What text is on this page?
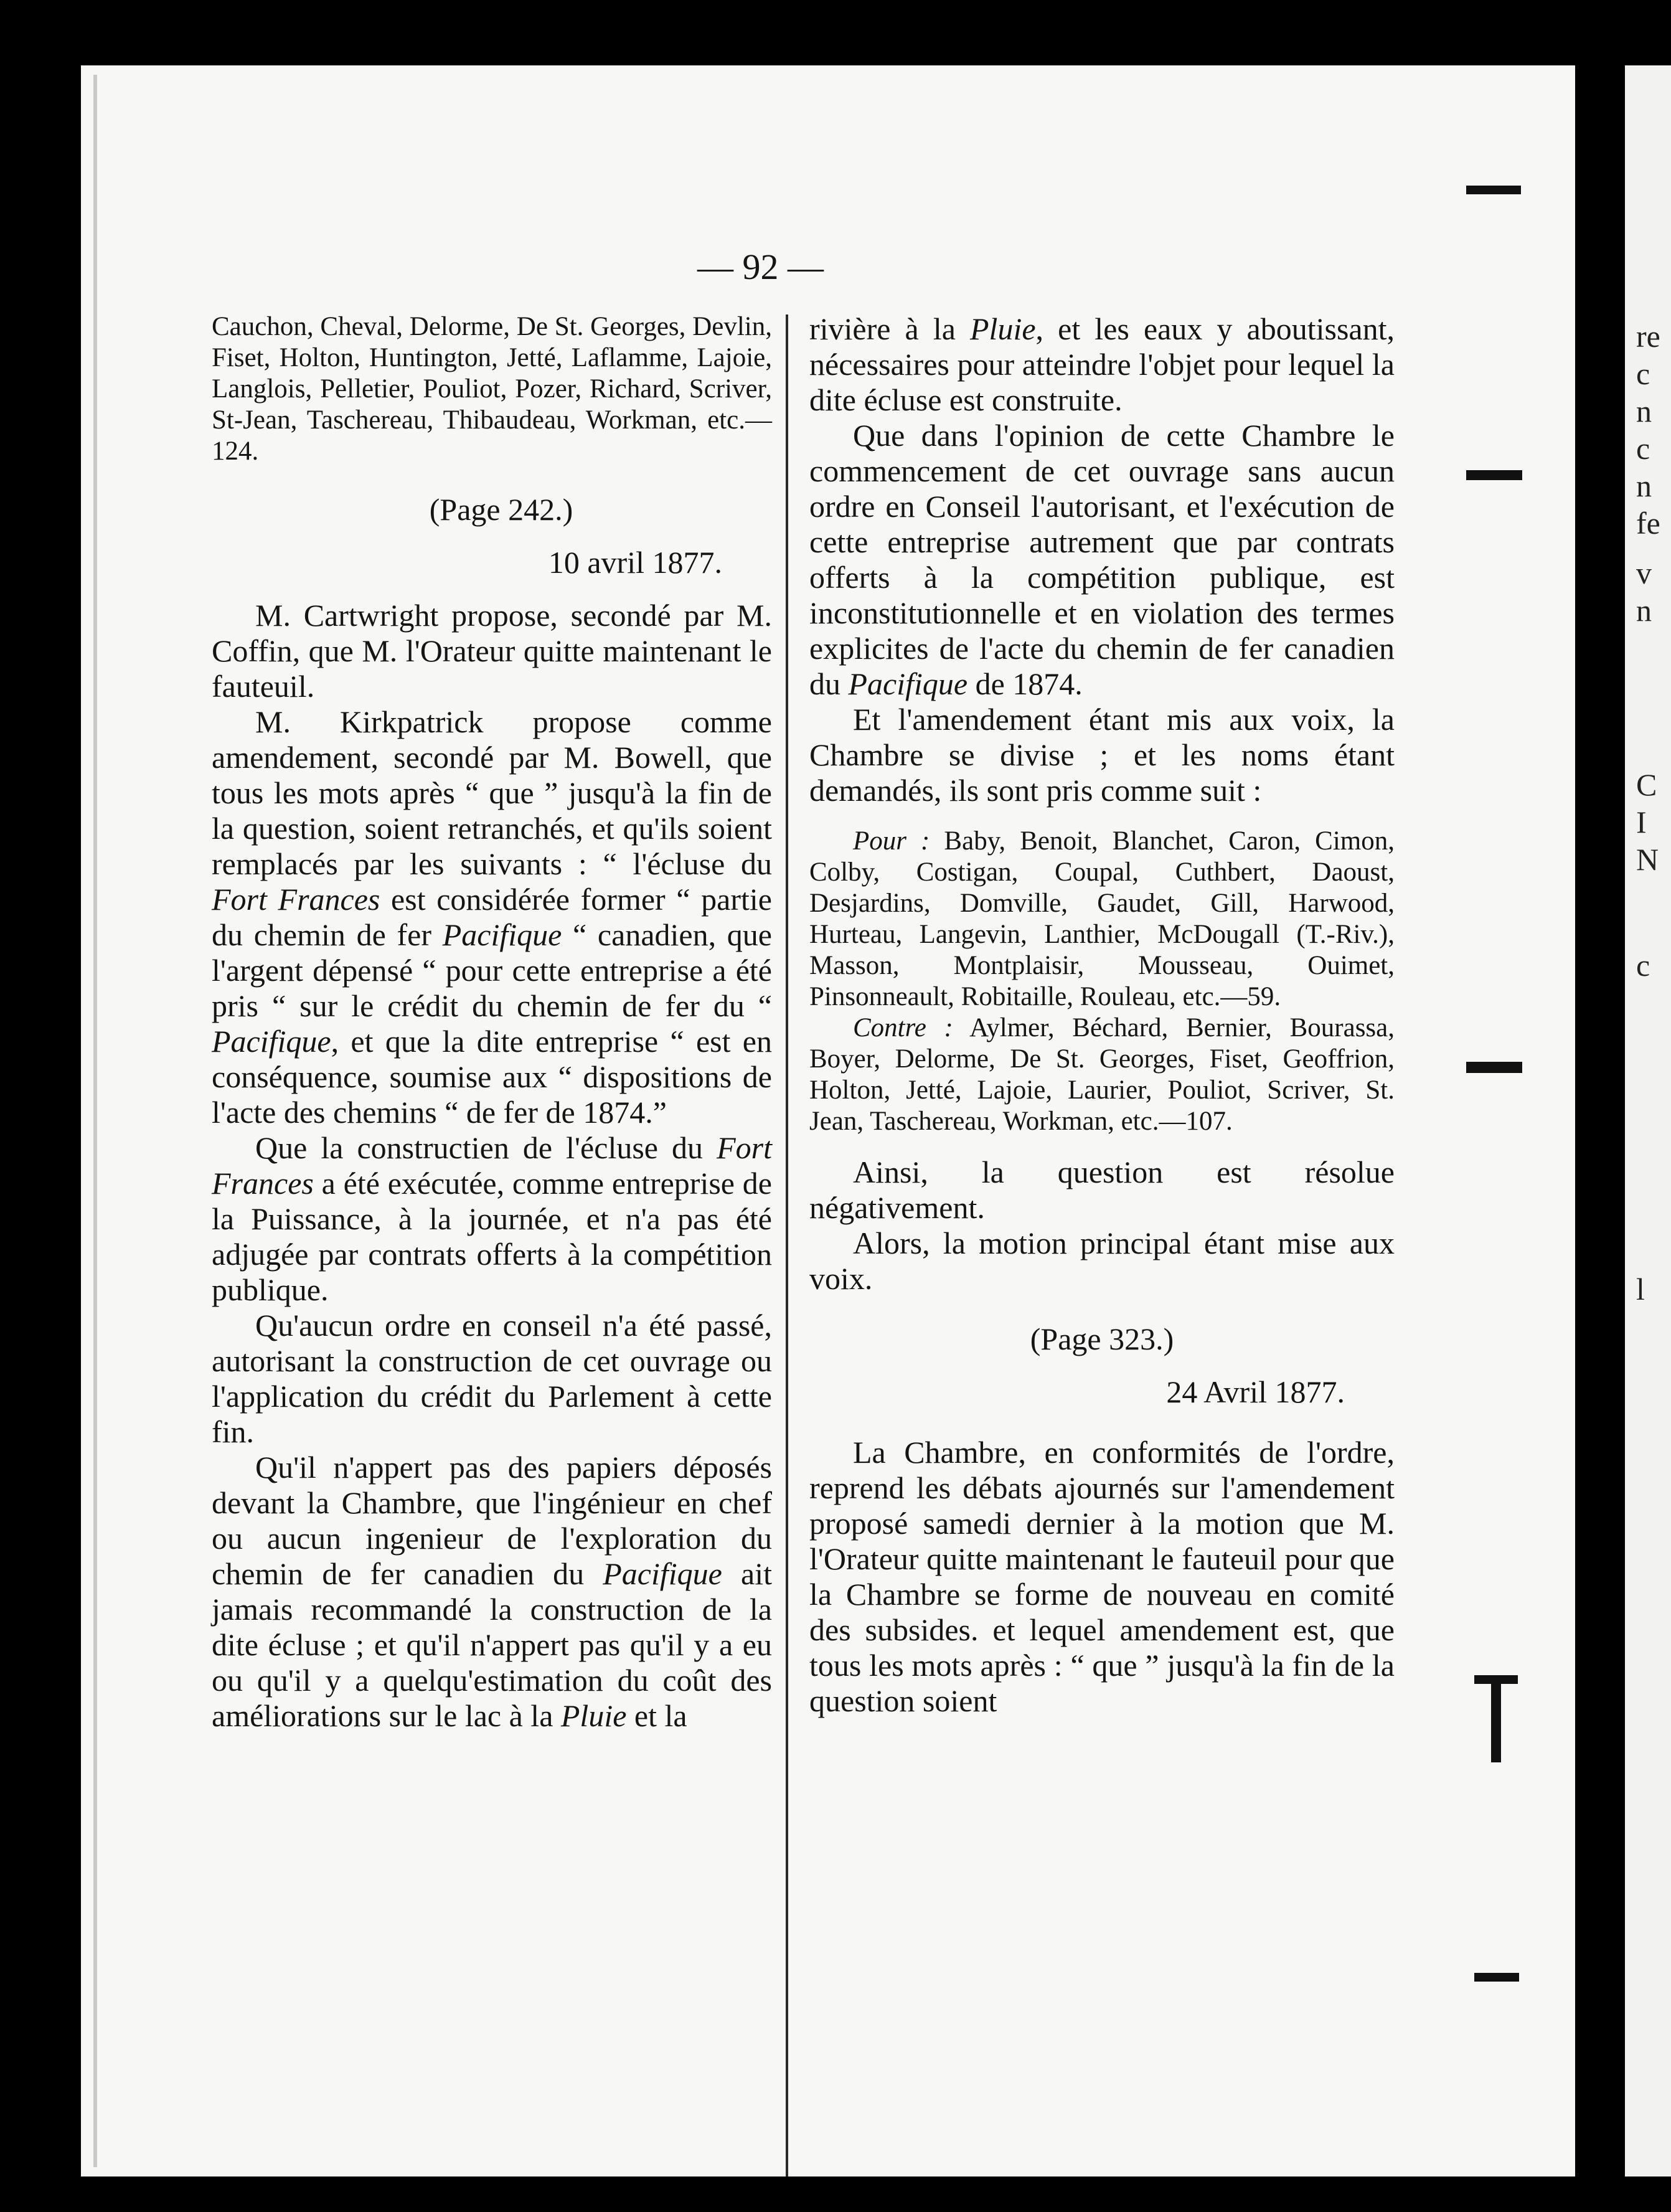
re
c
n
c
n
fe
v
n
C
I
N
c
l
— 92 —

Cauchon, Cheval, Delorme, De St. Georges, Devlin, Fiset, Holton, Huntington, Jetté, Laflamme, Lajoie, Langlois, Pelletier, Pouliot, Pozer, Richard, Scriver, St-Jean, Taschereau, Thibaudeau, Workman, etc.—124.

(Page 242.)

10 avril 1877.

M. Cartwright propose, secondé par M. Coffin, que M. l'Orateur quitte maintenant le fauteuil.

M. Kirkpatrick propose comme amendement, secondé par M. Bowell, que tous les mots après “ que ” jusqu'à la fin de la question, soient retranchés, et qu'ils soient remplacés par les suivants : “ l'écluse du Fort Frances est considérée former “ partie du chemin de fer Pacifique “ canadien, que l'argent dépensé “ pour cette entreprise a été pris “ sur le crédit du chemin de fer du “ Pacifique, et que la dite entreprise “ est en conséquence, soumise aux “ dispositions de l'acte des chemins “ de fer de 1874.”

Que la constructien de l'écluse du Fort Frances a été exécutée, comme entreprise de la Puissance, à la journée, et n'a pas été adjugée par contrats offerts à la compétition publique.

Qu'aucun ordre en conseil n'a été passé, autorisant la construction de cet ouvrage ou l'application du crédit du Parlement à cette fin.

Qu'il n'appert pas des papiers déposés devant la Chambre, que l'ingénieur en chef ou aucun ingenieur de l'exploration du chemin de fer canadien du Pacifique ait jamais recommandé la construction de la dite écluse ; et qu'il n'appert pas qu'il y a eu ou qu'il y a quelqu'estimation du coût des améliorations sur le lac à la Pluie et la

rivière à la Pluie, et les eaux y aboutissant, nécessaires pour atteindre l'objet pour lequel la dite écluse est construite.

Que dans l'opinion de cette Chambre le commencement de cet ouvrage sans aucun ordre en Conseil l'autorisant, et l'exécution de cette entreprise autrement que par contrats offerts à la compétition publique, est inconstitutionnelle et en violation des termes explicites de l'acte du chemin de fer canadien du Pacifique de 1874.

Et l'amendement étant mis aux voix, la Chambre se divise ; et les noms étant demandés, ils sont pris comme suit :

Pour : Baby, Benoit, Blanchet, Caron, Cimon, Colby, Costigan, Coupal, Cuthbert, Daoust, Desjardins, Domville, Gaudet, Gill, Harwood, Hurteau, Langevin, Lanthier, McDougall (T.-Riv.), Masson, Montplaisir, Mousseau, Ouimet, Pinsonneault, Robitaille, Rouleau, etc.—59.

Contre : Aylmer, Béchard, Bernier, Bourassa, Boyer, Delorme, De St. Georges, Fiset, Geoffrion, Holton, Jetté, Lajoie, Laurier, Pouliot, Scriver, St. Jean, Taschereau, Workman, etc.—107.

Ainsi, la question est résolue négativement.

Alors, la motion principal étant mise aux voix.

(Page 323.)

24 Avril 1877.

La Chambre, en conformités de l'ordre, reprend les débats ajournés sur l'amendement proposé samedi dernier à la motion que M. l'Orateur quitte maintenant le fauteuil pour que la Chambre se forme de nouveau en comité des subsides. et lequel amendement est, que tous les mots après : “ que ” jusqu'à la fin de la question soient
